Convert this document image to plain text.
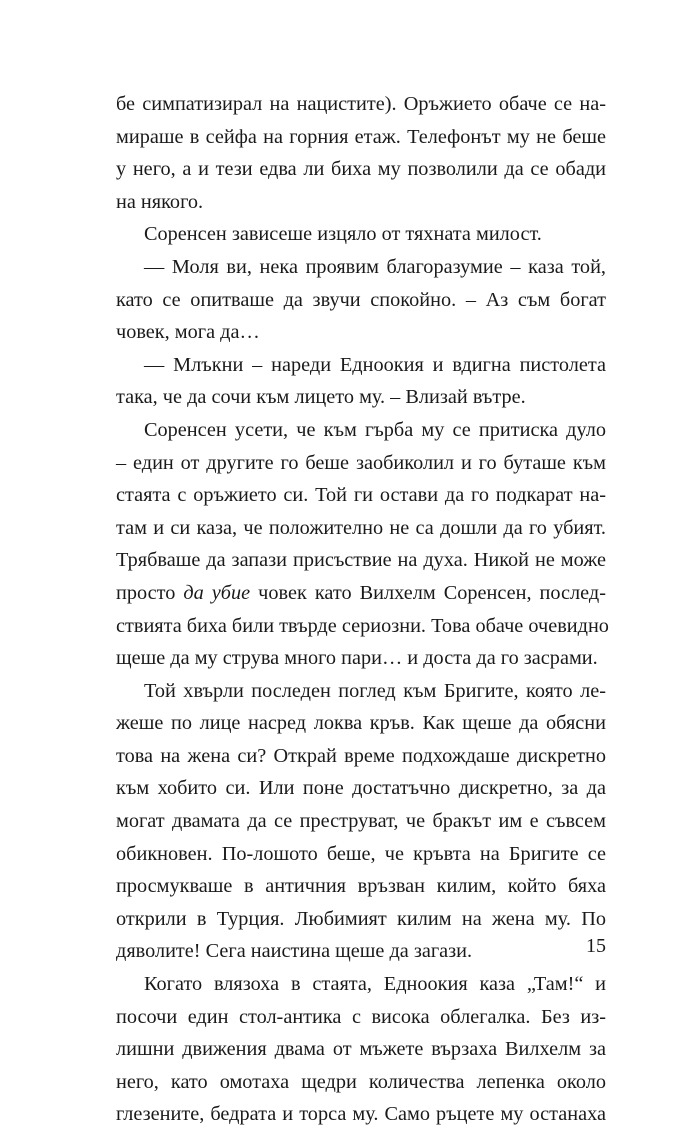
бе симпатизирал на нацистите). Оръжието обаче се на-
мираше в сейфа на горния етаж. Телефонът му не беше
у него, а и тези едва ли биха му позволили да се обади
на някого.
Соренсен зависеше изцяло от тяхната милост.
— Моля ви, нека проявим благоразумие – каза той,
като се опитваше да звучи спокойно. – Аз съм богат
човек, мога да…
— Млъкни – нареди Едноокия и вдигна пистолета
така, че да сочи към лицето му. – Влизай вътре.
Соренсен усети, че към гърба му се притиска дуло
– един от другите го беше заобиколил и го буташе към
стаята с оръжието си. Той ги остави да го подкарат на-
там и си каза, че положително не са дошли да го убият.
Трябваше да запази присъствие на духа. Никой не може
просто да убие човек като Вилхелм Соренсен, послед-
ствията биха били твърде сериозни. Това обаче очевидно
щеше да му струва много пари… и доста да го засрами.
Той хвърли последен поглед към Бригите, която ле-
жеше по лице насред локва кръв. Как щеше да обясни
това на жена си? Открай време подхождаше дискретно
към хобито си. Или поне достатъчно дискретно, за да
могат двамата да се преструват, че бракът им е съвсем
обикновен. По-лошото беше, че кръвта на Бригите се
просмукваше в античния връзван килим, който бяха
открили в Турция. Любимият килим на жена му. По
дяволите! Сега наистина щеше да загази.
Когато влязоха в стаята, Едноокия каза „Там!“ и
посочи един стол-антика с висока облегалка. Без из-
лишни движения двама от мъжете вързаха Вилхелм за
него, като омотаха щедри количества лепенка около
глезените, бедрата и торса му. Само ръцете му останаха
15
